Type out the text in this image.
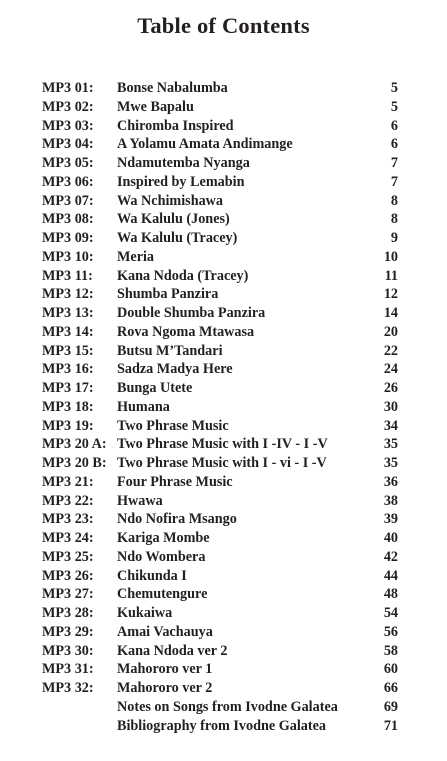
Table of Contents
MP3 01: Bonse Nabalumba	5
MP3 02: Mwe Bapalu	5
MP3 03: Chiromba Inspired	6
MP3 04: A Yolamu Amata Andimange	6
MP3 05: Ndamutemba Nyanga	7
MP3 06: Inspired by Lemabin	7
MP3 07: Wa Nchimishawa	8
MP3 08: Wa Kalulu (Jones)	8
MP3 09: Wa Kalulu (Tracey)	9
MP3 10: Meria	10
MP3 11: Kana Ndoda (Tracey)	11
MP3 12: Shumba Panzira	12
MP3 13: Double Shumba Panzira	14
MP3 14: Rova Ngoma Mtawasa	20
MP3 15: Butsu M’Tandari	22
MP3 16: Sadza Madya Here	24
MP3 17: Bunga Utete	26
MP3 18: Humana	30
MP3 19: Two Phrase Music	34
MP3 20 A: Two Phrase Music with I -IV - I -V	35
MP3 20 B: Two Phrase Music with I - vi - I -V	35
MP3 21: Four Phrase Music	36
MP3 22: Hwawa	38
MP3 23: Ndo Nofira Msango	39
MP3 24: Kariga Mombe	40
MP3 25: Ndo Wombera	42
MP3 26: Chikunda I	44
MP3 27: Chemutengure	48
MP3 28: Kukaiwa	54
MP3 29: Amai Vachauya	56
MP3 30: Kana Ndoda ver 2	58
MP3 31: Mahororo ver 1	60
MP3 32: Mahororo ver 2	66
Notes on Songs from Ivodne Galatea	69
Bibliography from Ivodne Galatea	71
